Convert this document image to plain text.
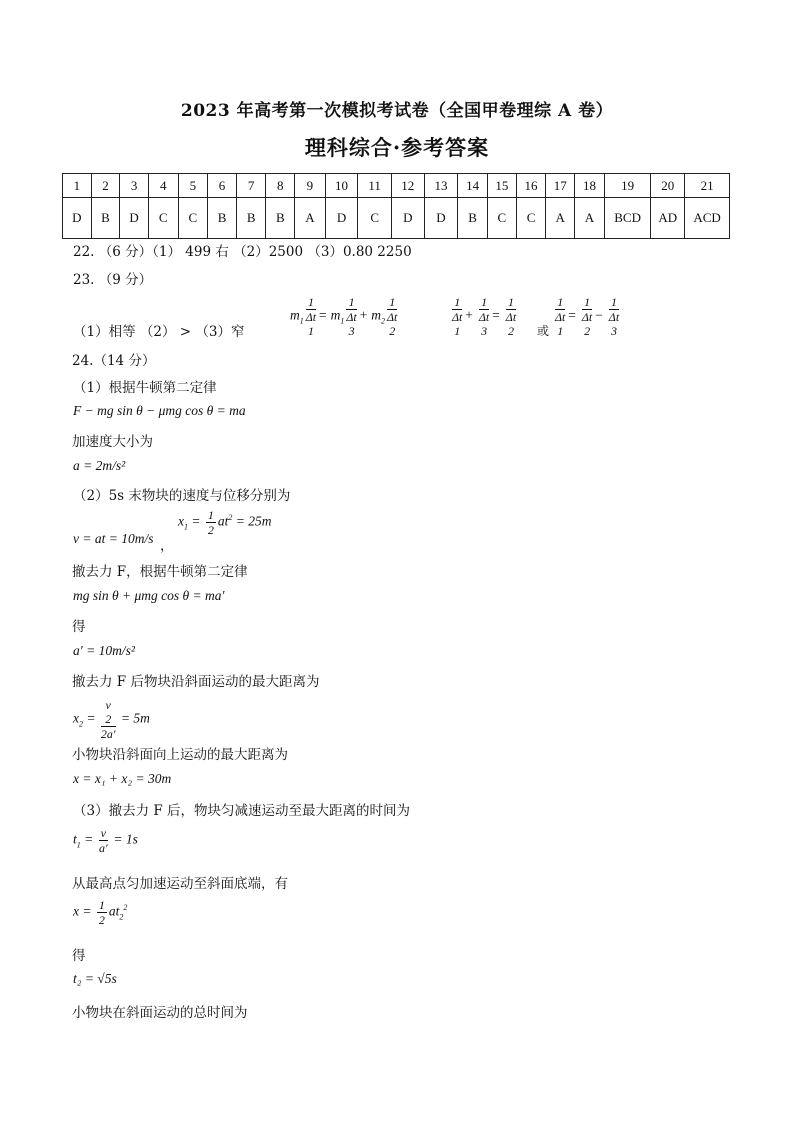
2023 年高考第一次模拟考试卷（全国甲卷理综 A 卷）
理科综合·参考答案
1	2	3	4	5	6	7	8	9	10	11	12	13	14	15	16	17	18	19	20	21
D	B	D	C	C	B	B	B	A	D	C	D	D	B	C	C	A	A	BCD	AD	ACD
22. （6 分）（1） 499 右 （2）2500 （3）0.80 2250
23. （9 分）
（1）相等 （2） > （3）窄
$m_1$ 1
Δt
$1 = m_1$ 1
Δt
$3 + m_2$ 1
Δt
2	1
Δt
1 + 1
Δt
3 = 1
Δt
2 或 1
Δt
1 = 1
Δt
2 − 1
Δt
3
24.（14 分）
（1）根据牛顿第二定律
F − mg sin θ − μmg cos θ = ma
加速度大小为
a = 2m/s²
（2）5s 末物块的速度与位移分别为
v = at = 10m/s ，
$x_1 = \frac{1}{2} at^2 = 25m$
撤去力 F，根据牛顿第二定律
mg sin θ + μmg cos θ = ma′
得
a′ = 10m/s²
撤去力 F 后物块沿斜面运动的最大距离为
$x_2 = v$
2
2a′ = 5m
小物块沿斜面向上运动的最大距离为
x = x₁ + x₂ = 30m
（3）撤去力 F 后，物块匀减速运动至最大距离的时间为
$t_1 = \frac{v}{a'} = 1s$
从最高点匀加速运动至斜面底端，有
$x = \frac{1}{2} at_2^2$
得
t₂ = √5s
小物块在斜面运动的总时间为
